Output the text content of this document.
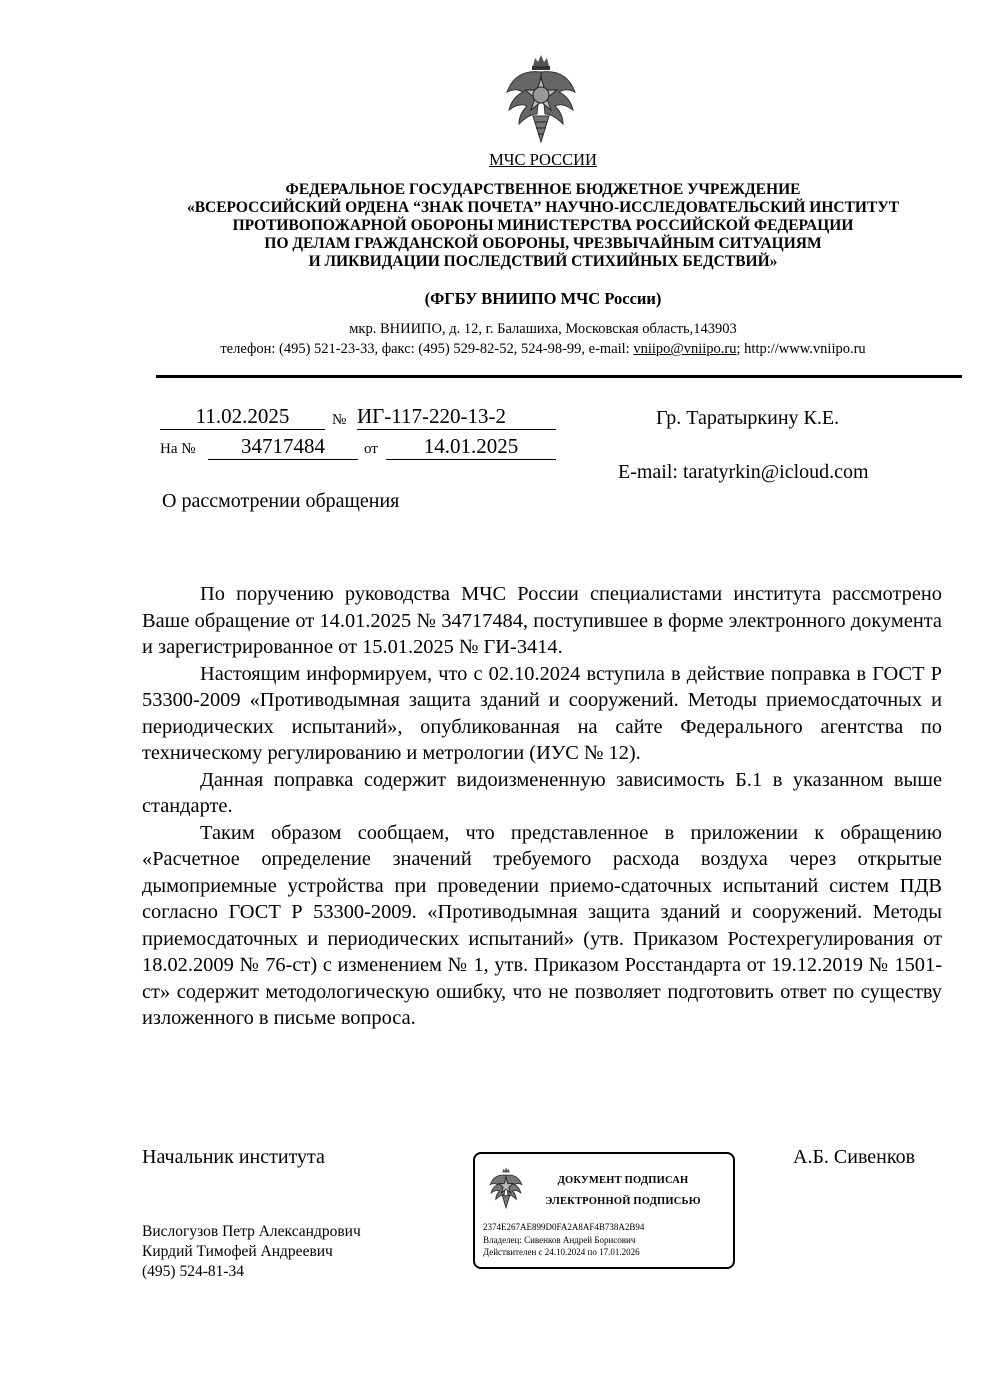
МЧС РОССИИ
ФЕДЕРАЛЬНОЕ ГОСУДАРСТВЕННОЕ БЮДЖЕТНОЕ УЧРЕЖДЕНИЕ
«ВСЕРОССИЙСКИЙ ОРДЕНА “ЗНАК ПОЧЕТА” НАУЧНО-ИССЛЕДОВАТЕЛЬСКИЙ ИНСТИТУТ
ПРОТИВОПОЖАРНОЙ ОБОРОНЫ МИНИСТЕРСТВА РОССИЙСКОЙ ФЕДЕРАЦИИ
ПО ДЕЛАМ ГРАЖДАНСКОЙ ОБОРОНЫ, ЧРЕЗВЫЧАЙНЫМ СИТУАЦИЯМ
И ЛИКВИДАЦИИ ПОСЛЕДСТВИЙ СТИХИЙНЫХ БЕДСТВИЙ»
(ФГБУ ВНИИПО МЧС России)
мкр. ВНИИПО, д. 12, г. Балашиха, Московская область,143903
телефон: (495) 521-23-33, факс: (495) 529-82-52, 524-98-99, e-mail: vniipo@vniipo.ru; http://www.vniipo.ru
11.02.2025	№ ИГ-117-220-13-2
На №	34717484	от	14.01.2025
Гр. Таратыркину К.Е.
E-mail: taratyrkin@icloud.com
О рассмотрении обращения

По поручению руководства МЧС России специалистами института рассмотрено Ваше обращение от 14.01.2025 № 34717484, поступившее в форме электронного документа и зарегистрированное от 15.01.2025 № ГИ-3414.

Настоящим информируем, что с 02.10.2024 вступила в действие поправка в ГОСТ Р 53300-2009 «Противодымная защита зданий и сооружений. Методы приемосдаточных и периодических испытаний», опубликованная на сайте Федерального агентства по техническому регулированию и метрологии (ИУС № 12).

Данная поправка содержит видоизмененную зависимость Б.1 в указанном выше стандарте.

Таким образом сообщаем, что представленное в приложении к обращению «Расчетное определение значений требуемого расхода воздуха через открытые дымоприемные устройства при проведении приемо-сдаточных испытаний систем ПДВ согласно ГОСТ Р 53300-2009. «Противодымная защита зданий и сооружений. Методы приемосдаточных и периодических испытаний» (утв. Приказом Ростехрегулирования от 18.02.2009 № 76-ст) с изменением № 1, утв. Приказом Росстандарта от 19.12.2019 № 1501-ст» содержит методологическую ошибку, что не позволяет подготовить ответ по существу изложенного в письме вопроса.

Начальник института	А.Б. Сивенков
ДОКУМЕНТ ПОДПИСАН
ЭЛЕКТРОННОЙ ПОДПИСЬЮ
2374E267AE899D0FA2A8AF4B738A2B94
Владелец: Сивенков Андрей Борисович
Действителен с 24.10.2024 по 17.01.2026
Вислогузов Петр Александрович
Кирдий Тимофей Андреевич
(495) 524-81-34
